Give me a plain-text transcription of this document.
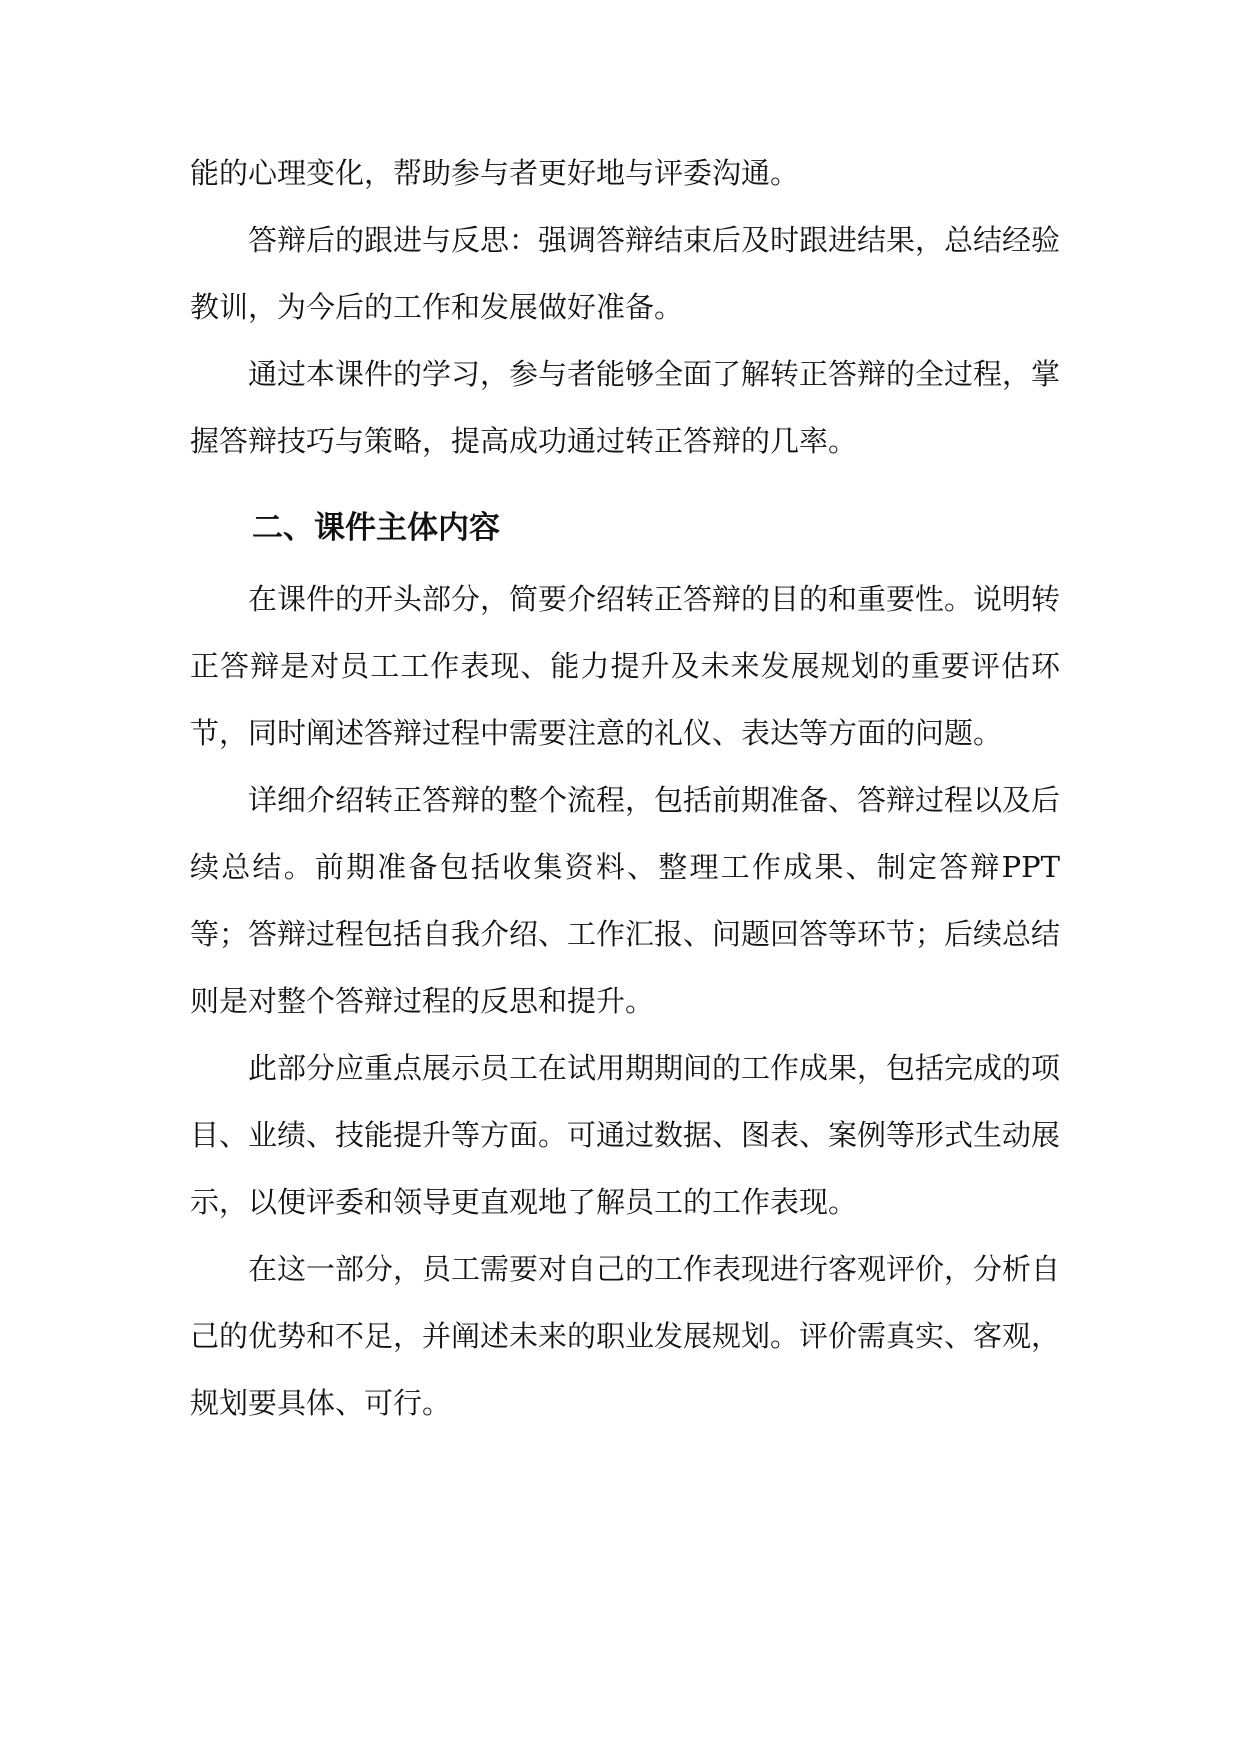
能的心理变化，帮助参与者更好地与评委沟通。

答辩后的跟进与反思：强调答辩结束后及时跟进结果，总结经验教训，为今后的工作和发展做好准备。

通过本课件的学习，参与者能够全面了解转正答辩的全过程，掌握答辩技巧与策略，提高成功通过转正答辩的几率。

二、课件主体内容

在课件的开头部分，简要介绍转正答辩的目的和重要性。说明转正答辩是对员工工作表现、能力提升及未来发展规划的重要评估环节，同时阐述答辩过程中需要注意的礼仪、表达等方面的问题。

详细介绍转正答辩的整个流程，包括前期准备、答辩过程以及后续总结。前期准备包括收集资料、整理工作成果、制定答辩PPT等；答辩过程包括自我介绍、工作汇报、问题回答等环节；后续总结则是对整个答辩过程的反思和提升。

此部分应重点展示员工在试用期期间的工作成果，包括完成的项目、业绩、技能提升等方面。可通过数据、图表、案例等形式生动展示，以便评委和领导更直观地了解员工的工作表现。

在这一部分，员工需要对自己的工作表现进行客观评价，分析自己的优势和不足，并阐述未来的职业发展规划。评价需真实、客观，规划要具体、可行。
